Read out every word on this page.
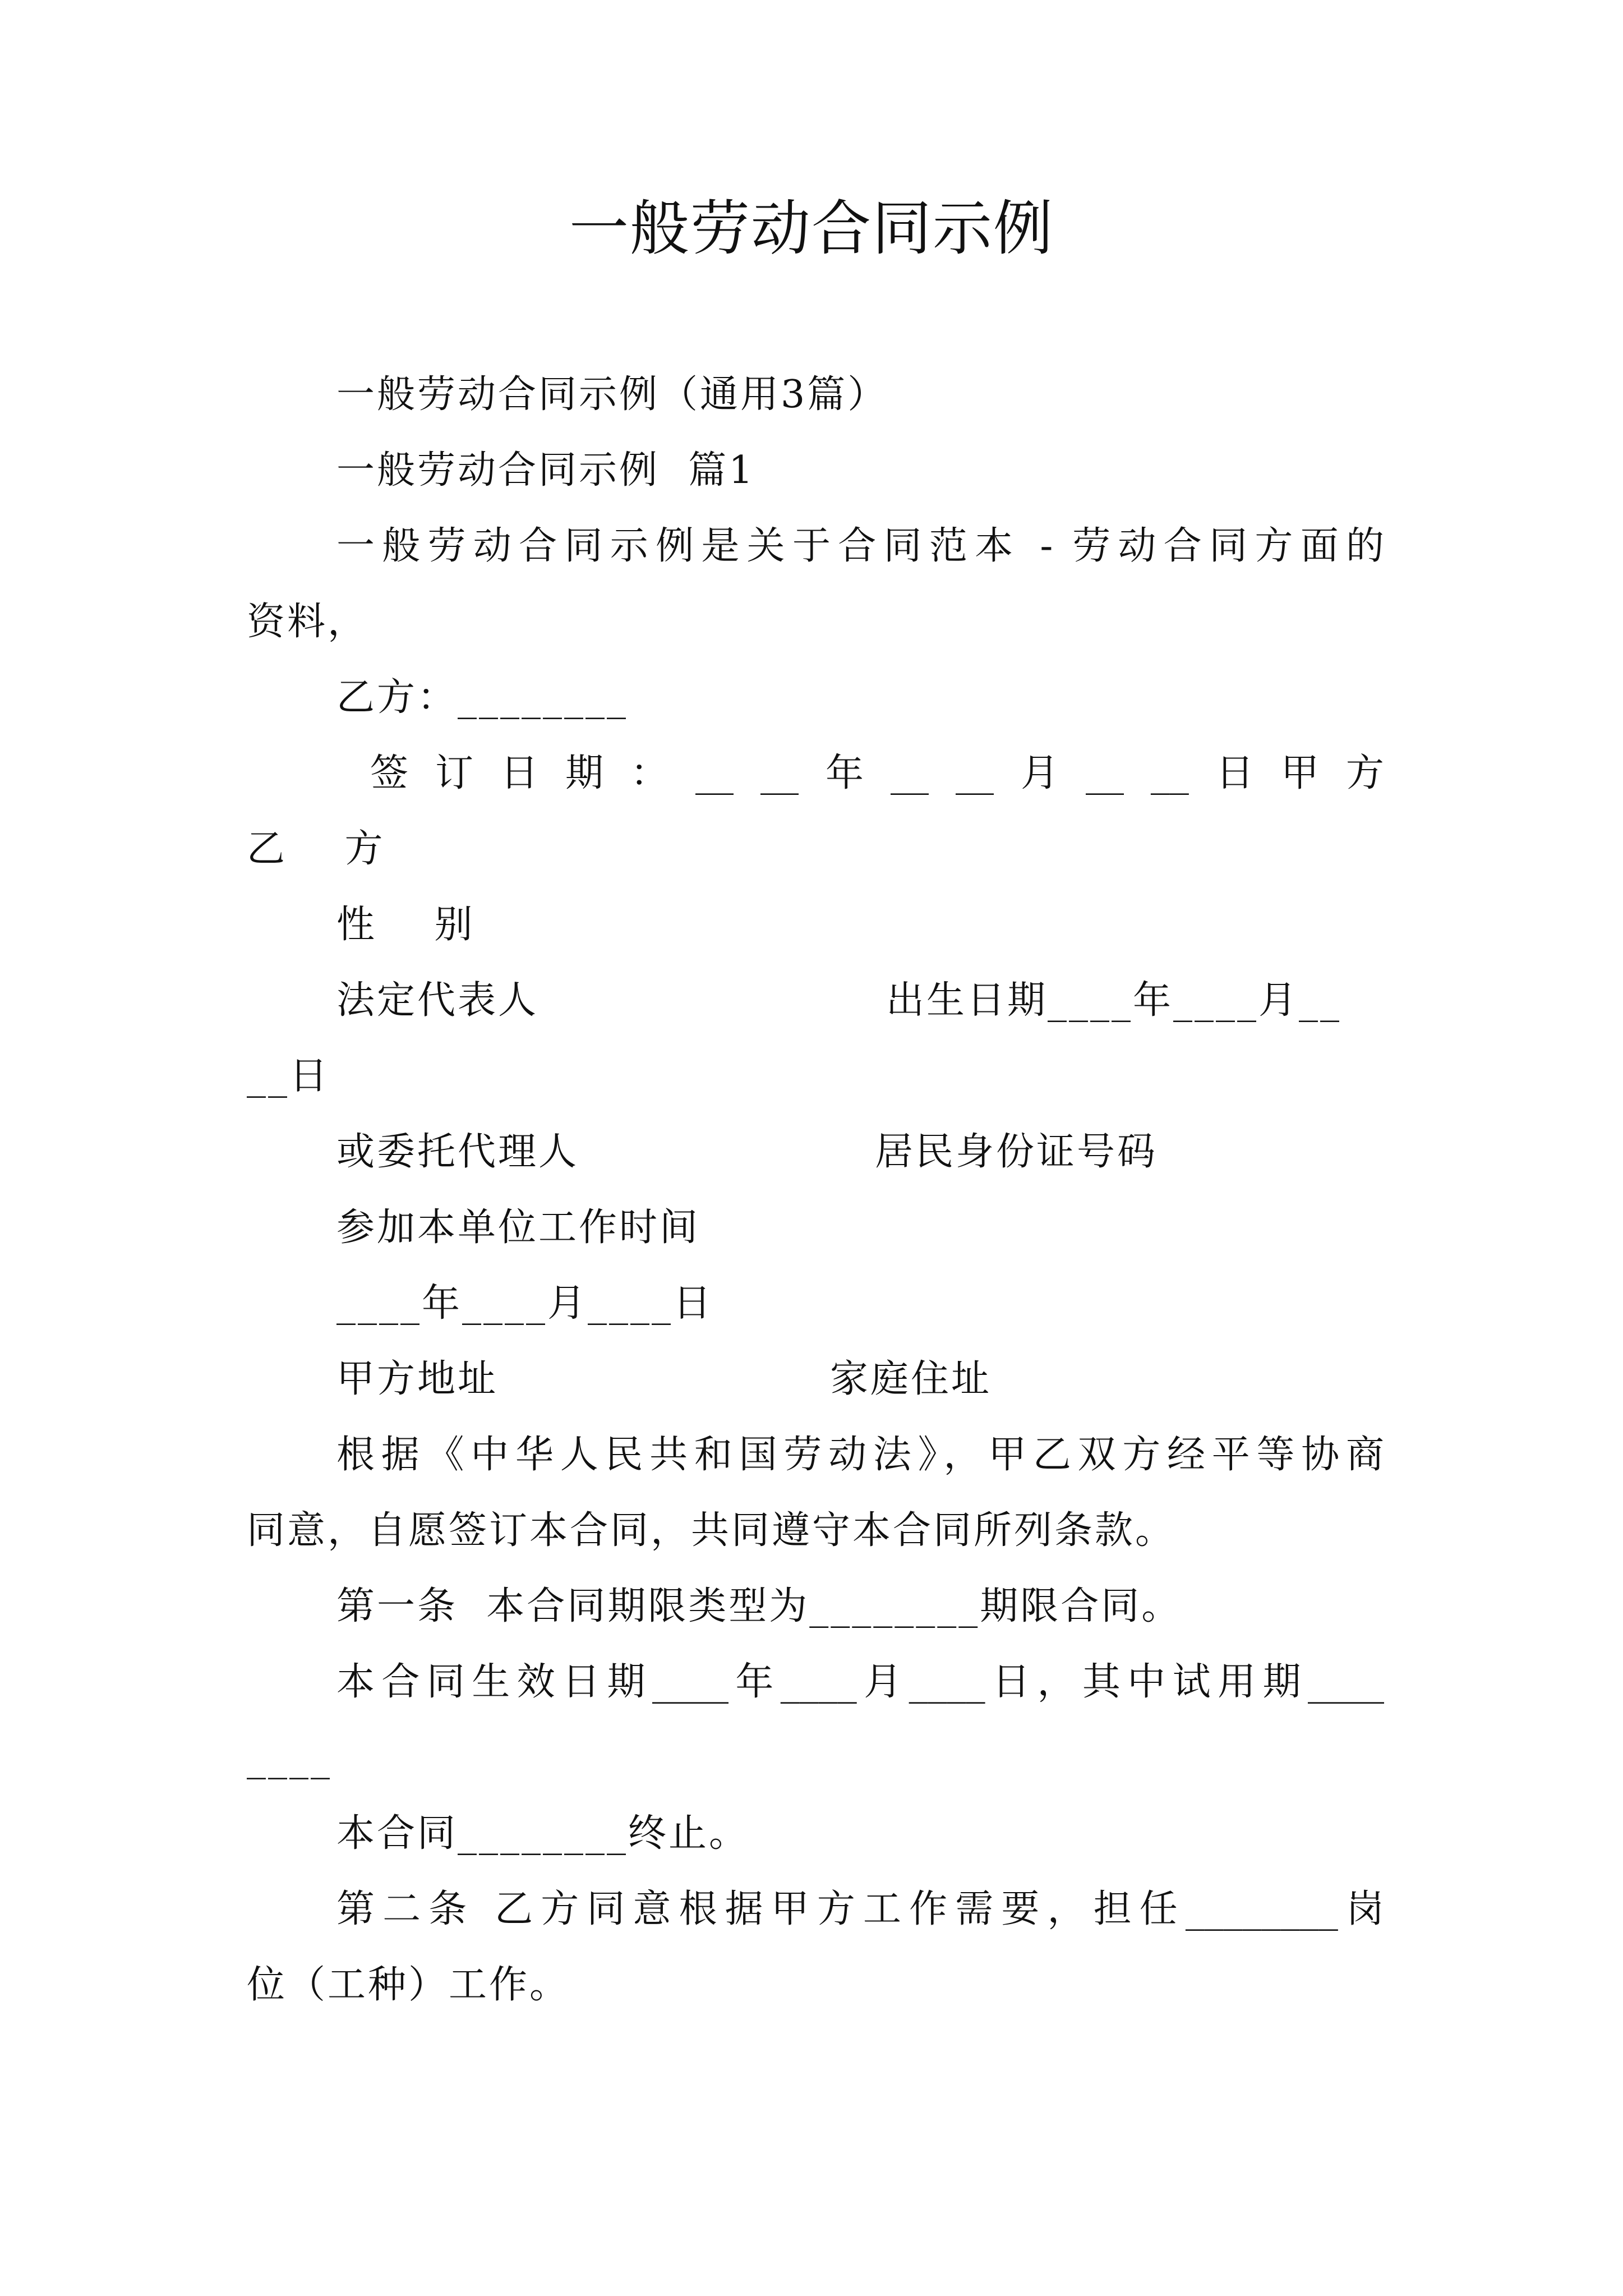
一般劳动合同示例
一般劳动合同示例（通用3篇）
一般劳动合同示例  篇1
一般劳动合同示例是关于合同范本 - 劳动合同方面的
资料，
乙方：________
签 订 日 期 ： __ __ 年 __ __ 月 __ __ 日 甲 方
乙    方
性    别
法定代表人	出生日期____年____月__
__日
或委托代理人	居民身份证号码
参加本单位工作时间
____年____月____日
甲方地址	家庭住址
根据《中华人民共和国劳动法》，甲乙双方经平等协商
同意，自愿签订本合同，共同遵守本合同所列条款。
第一条  本合同期限类型为________期限合同。
本合同生效日期____年____月____日，其中试用期____
____
本合同________终止。
第二条 乙方同意根据甲方工作需要，担任________岗
位（工种）工作。
